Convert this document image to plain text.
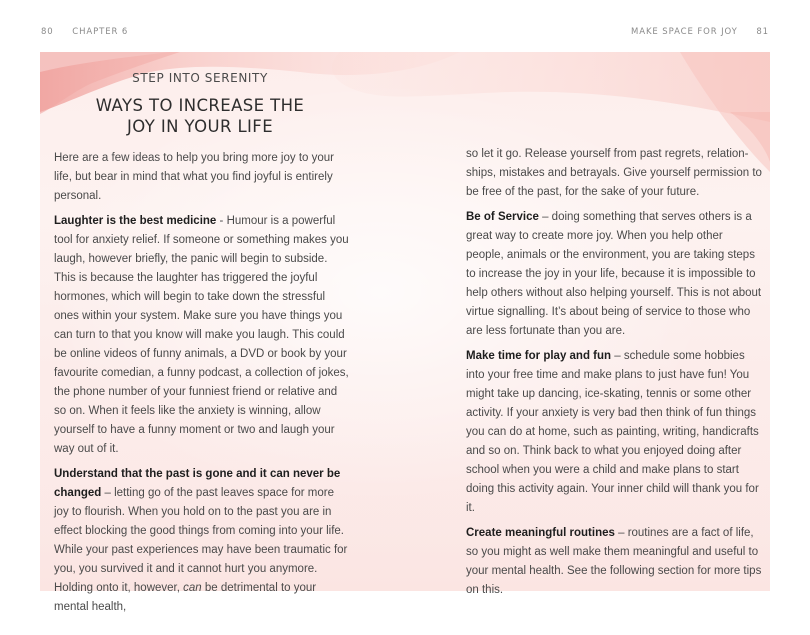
80 CHAPTER 6	MAKE SPACE FOR JOY 81
STEP INTO SERENITY
WAYS TO INCREASE THE
JOY IN YOUR LIFE

Here are a few ideas to help you bring more joy to your life, but bear in mind that what you find joyful is entirely personal.

Laughter is the best medicine - Humour is a powerful tool for anxiety relief. If someone or something makes you laugh, however briefly, the panic will begin to subside. This is because the laughter has triggered the joyful hormones, which will begin to take down the stressful ones within your system. Make sure you have things you can turn to that you know will make you laugh. This could be online videos of funny animals, a DVD or book by your favourite comedian, a funny podcast, a collection of jokes, the phone number of your funniest friend or relative and so on. When it feels like the anxiety is winning, allow yourself to have a funny moment or two and laugh your way out of it.

Understand that the past is gone and it can never be changed – letting go of the past leaves space for more joy to flourish. When you hold on to the past you are in effect blocking the good things from coming into your life. While your past experiences may have been traumatic for you, you survived it and it cannot hurt you anymore. Holding onto it, however, can be detrimental to your mental health,

so let it go. Release yourself from past regrets, relation-ships, mistakes and betrayals. Give yourself permission to be free of the past, for the sake of your future.

Be of Service – doing something that serves others is a great way to create more joy. When you help other people, animals or the environment, you are taking steps to increase the joy in your life, because it is impossible to help others without also helping yourself. This is not about virtue signalling. It’s about being of service to those who are less fortunate than you are.

Make time for play and fun – schedule some hobbies into your free time and make plans to just have fun! You might take up dancing, ice-skating, tennis or some other activity. If your anxiety is very bad then think of fun things you can do at home, such as painting, writing, handicrafts and so on. Think back to what you enjoyed doing after school when you were a child and make plans to start doing this activity again. Your inner child will thank you for it.

Create meaningful routines – routines are a fact of life, so you might as well make them meaningful and useful to your mental health. See the following section for more tips on this.
